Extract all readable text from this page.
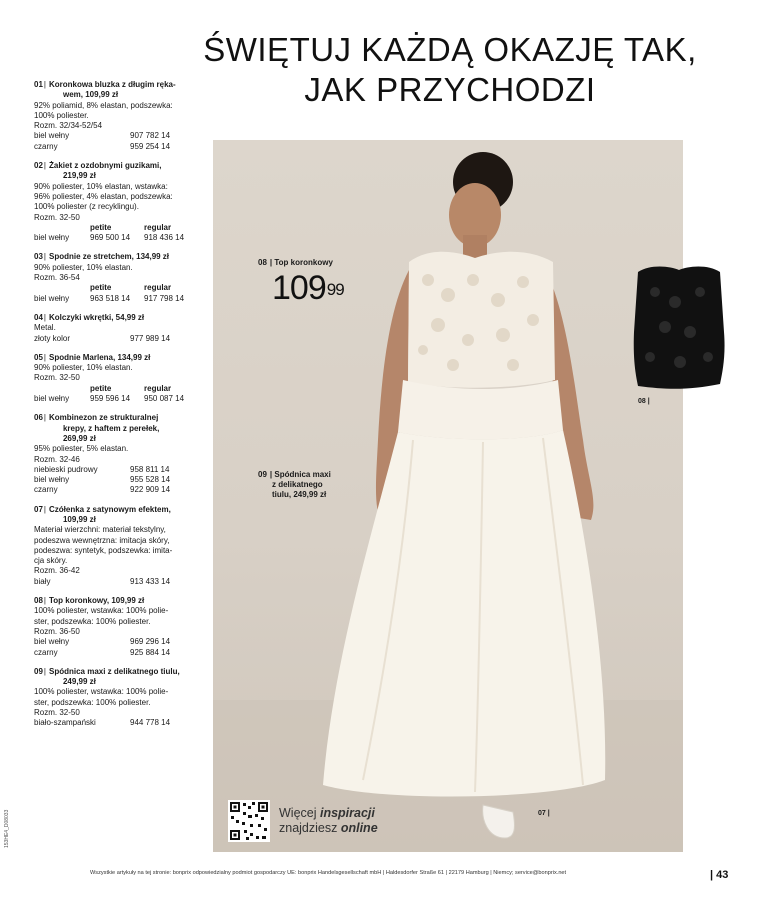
ŚWIĘTUJ KAŻDĄ OKAZJĘ TAK,
JAK PRZYCHODZI
01 | Koronkowa bluzka z długim ręka-
wem, 109,99 zł
92% poliamid, 8% elastan, podszewka:
100% poliester.
Rozm. 32/34-52/54
biel wełny	907 782 14
czarny	959 254 14
02 | Żakiet z ozdobnymi guzikami,
219,99 zł
90% poliester, 10% elastan, wstawka:
96% poliester, 4% elastan, podszewka:
100% poliester (z recyklingu).
Rozm. 32-50
petite	regular
biel wełny	969 500 14	918 436 14
03 | Spodnie ze stretchem, 134,99 zł
90% poliester, 10% elastan.
Rozm. 36-54
petite	regular
biel wełny	963 518 14	917 798 14
04 | Kolczyki wkrętki, 54,99 zł
Metal.
złoty kolor	977 989 14
05 | Spodnie Marlena, 134,99 zł
90% poliester, 10% elastan.
Rozm. 32-50
petite	regular
biel wełny	959 596 14	950 087 14
06 | Kombinezon ze strukturalnej
krepy, z haftem z perełek,
269,99 zł
95% poliester, 5% elastan.
Rozm. 32-46
niebieski pudrowy	958 811 14
biel wełny	955 528 14
czarny	922 909 14
07 | Czółenka z satynowym efektem,
109,99 zł
Materiał wierzchni: materiał tekstylny,
podeszwa wewnętrzna: imitacja skóry,
podeszwa: syntetyk, podszewka: imita-
cja skóry.
Rozm. 36-42
biały	913 433 14
08 | Top koronkowy, 109,99 zł
100% poliester, wstawka: 100% polie-
ster, podszewka: 100% poliester.
Rozm. 36-50
biel wełny	969 296 14
czarny	925 884 14
09 | Spódnica maxi z delikatnego tiulu,
249,99 zł
100% poliester, wstawka: 100% polie-
ster, podszewka: 100% poliester.
Rozm. 32-50
biało-szampański	944 778 14
08 |
08 | Top koronkowy
$109^{99}$
09 | Spódnica maxi
z delikatnego
tiulu, 249,99 zł
07 |
Więcej inspiracji
znajdziesz online
Wszystkie artykuły na tej stronie: bonprix odpowiedzialny podmiot gospodarczy UE: bonprix Handelsgesellschaft mbH | Haldesdorfer Straße 61 | 22179 Hamburg | Niemcy; service@bonprix.net	| 43
153HE4_D08033
